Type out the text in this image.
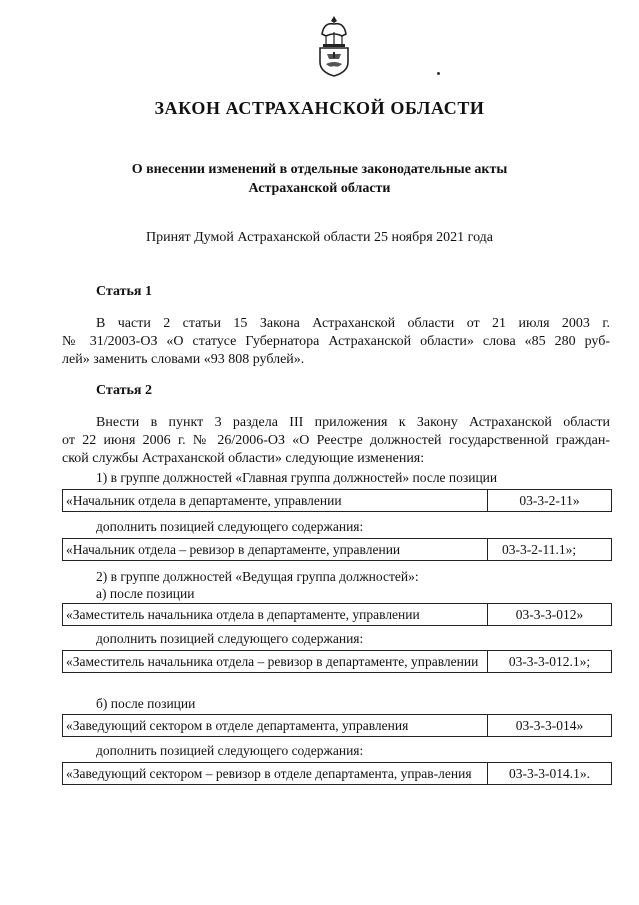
ЗАКОН АСТРАХАНСКОЙ ОБЛАСТИ
О внесении изменений в отдельные законодательные акты
Астраханской области
Принят Думой Астраханской области 25 ноября 2021 года
Статья 1
В части 2 статьи 15 Закона Астраханской области от 21 июля 2003 г.
№ 31/2003-ОЗ «О статусе Губернатора Астраханской области» слова «85 280 руб-
лей» заменить словами «93 808 рублей».
Статья 2
Внести в пункт 3 раздела III приложения к Закону Астраханской области
от 22 июня 2006 г. № 26/2006-ОЗ «О Реестре должностей государственной граждан-
ской службы Астраханской области» следующие изменения:
1) в группе должностей «Главная группа должностей» после позиции
«Начальник отдела в департаменте, управлении	03-3-2-11»
дополнить позицией следующего содержания:
«Начальник отдела – ревизор в департаменте, управлении	03-3-2-11.1»;
2) в группе должностей «Ведущая группа должностей»:
а) после позиции
«Заместитель начальника отдела в департаменте, управлении	03-3-3-012»
дополнить позицией следующего содержания:
«Заместитель начальника отдела – ревизор в департаменте, управлении	03-3-3-012.1»;
б) после позиции
«Заведующий сектором в отделе департамента, управления	03-3-3-014»
дополнить позицией следующего содержания:
«Заведующий сектором – ревизор в отделе департамента, управ-ления	03-3-3-014.1».
